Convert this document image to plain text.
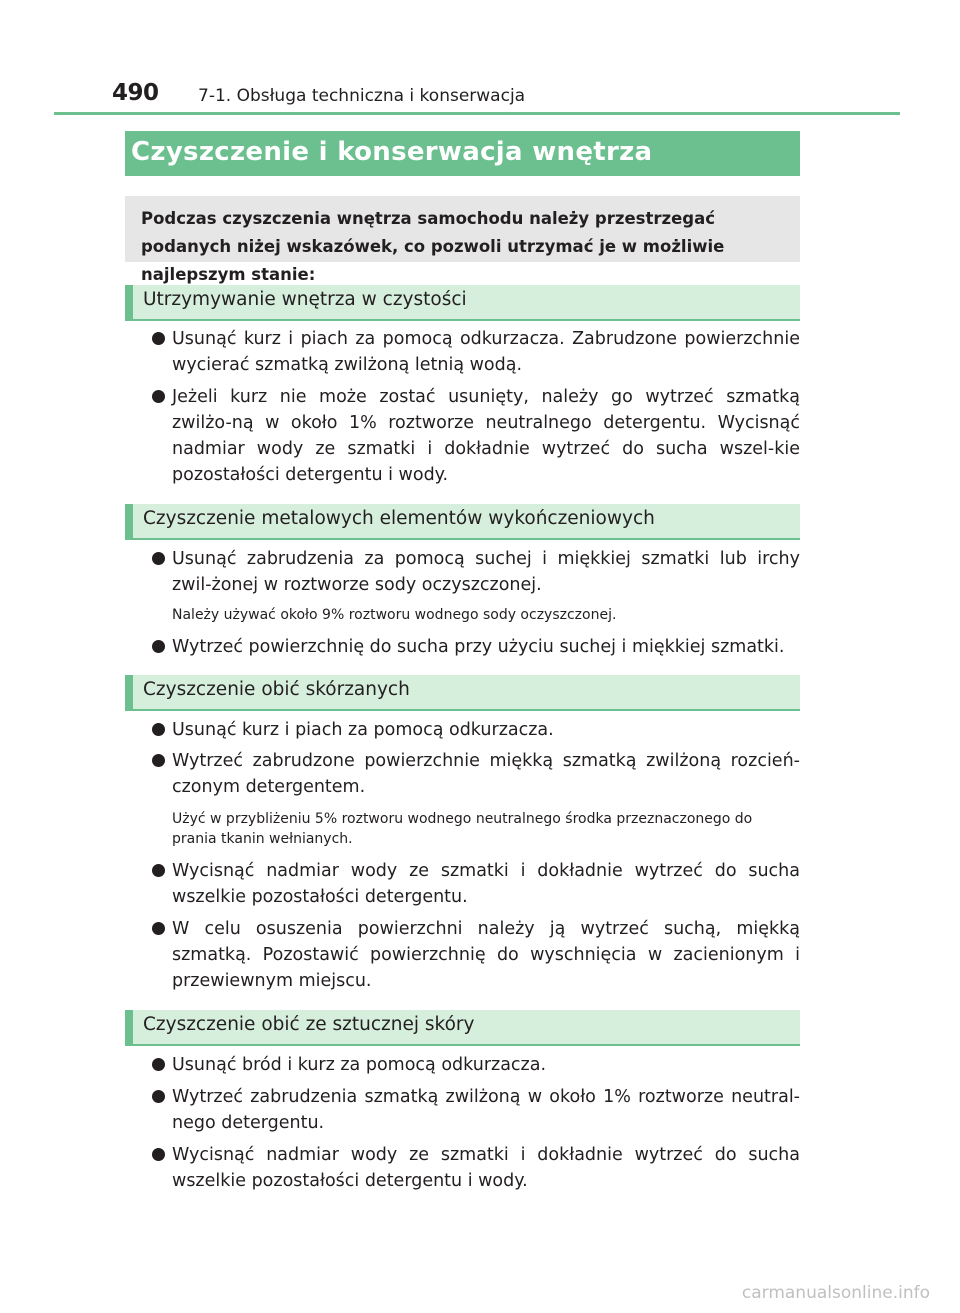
490 7-1. Obsługa techniczna i konserwacja
Czyszczenie i konserwacja wnętrza
Podczas czyszczenia wnętrza samochodu należy przestrzegać podanych niżej wskazówek, co pozwoli utrzymać je w możliwie najlepszym stanie:
Utrzymywanie wnętrza w czystości
Usunąć kurz i piach za pomocą odkurzacza. Zabrudzone powierzchnie wycierać szmatką zwilżoną letnią wodą.
Jeżeli kurz nie może zostać usunięty, należy go wytrzeć szmatką zwilżo-ną w około 1% roztworze neutralnego detergentu. Wycisnąć nadmiar wody ze szmatki i dokładnie wytrzeć do sucha wszel-kie pozostałości detergentu i wody.
Czyszczenie metalowych elementów wykończeniowych
Usunąć zabrudzenia za pomocą suchej i miękkiej szmatki lub irchy zwil-żonej w roztworze sody oczyszczonej.
Należy używać około 9% roztworu wodnego sody oczyszczonej.
Wytrzeć powierzchnię do sucha przy użyciu suchej i miękkiej szmatki.
Czyszczenie obić skórzanych
Usunąć kurz i piach za pomocą odkurzacza.
Wytrzeć zabrudzone powierzchnie miękką szmatką zwilżoną rozcień-czonym detergentem.
Użyć w przybliżeniu 5% roztworu wodnego neutralnego środka przeznaczonego do prania tkanin wełnianych.
Wycisnąć nadmiar wody ze szmatki i dokładnie wytrzeć do sucha wszelkie pozostałości detergentu.
W celu osuszenia powierzchni należy ją wytrzeć suchą, miękką szmatką. Pozostawić powierzchnię do wyschnięcia w zacienionym i przewiewnym miejscu.
Czyszczenie obić ze sztucznej skóry
Usunąć bród i kurz za pomocą odkurzacza.
Wytrzeć zabrudzenia szmatką zwilżoną w około 1% roztworze neutral-nego detergentu.
Wycisnąć nadmiar wody ze szmatki i dokładnie wytrzeć do sucha wszelkie pozostałości detergentu i wody.
carmanualsonline.info
